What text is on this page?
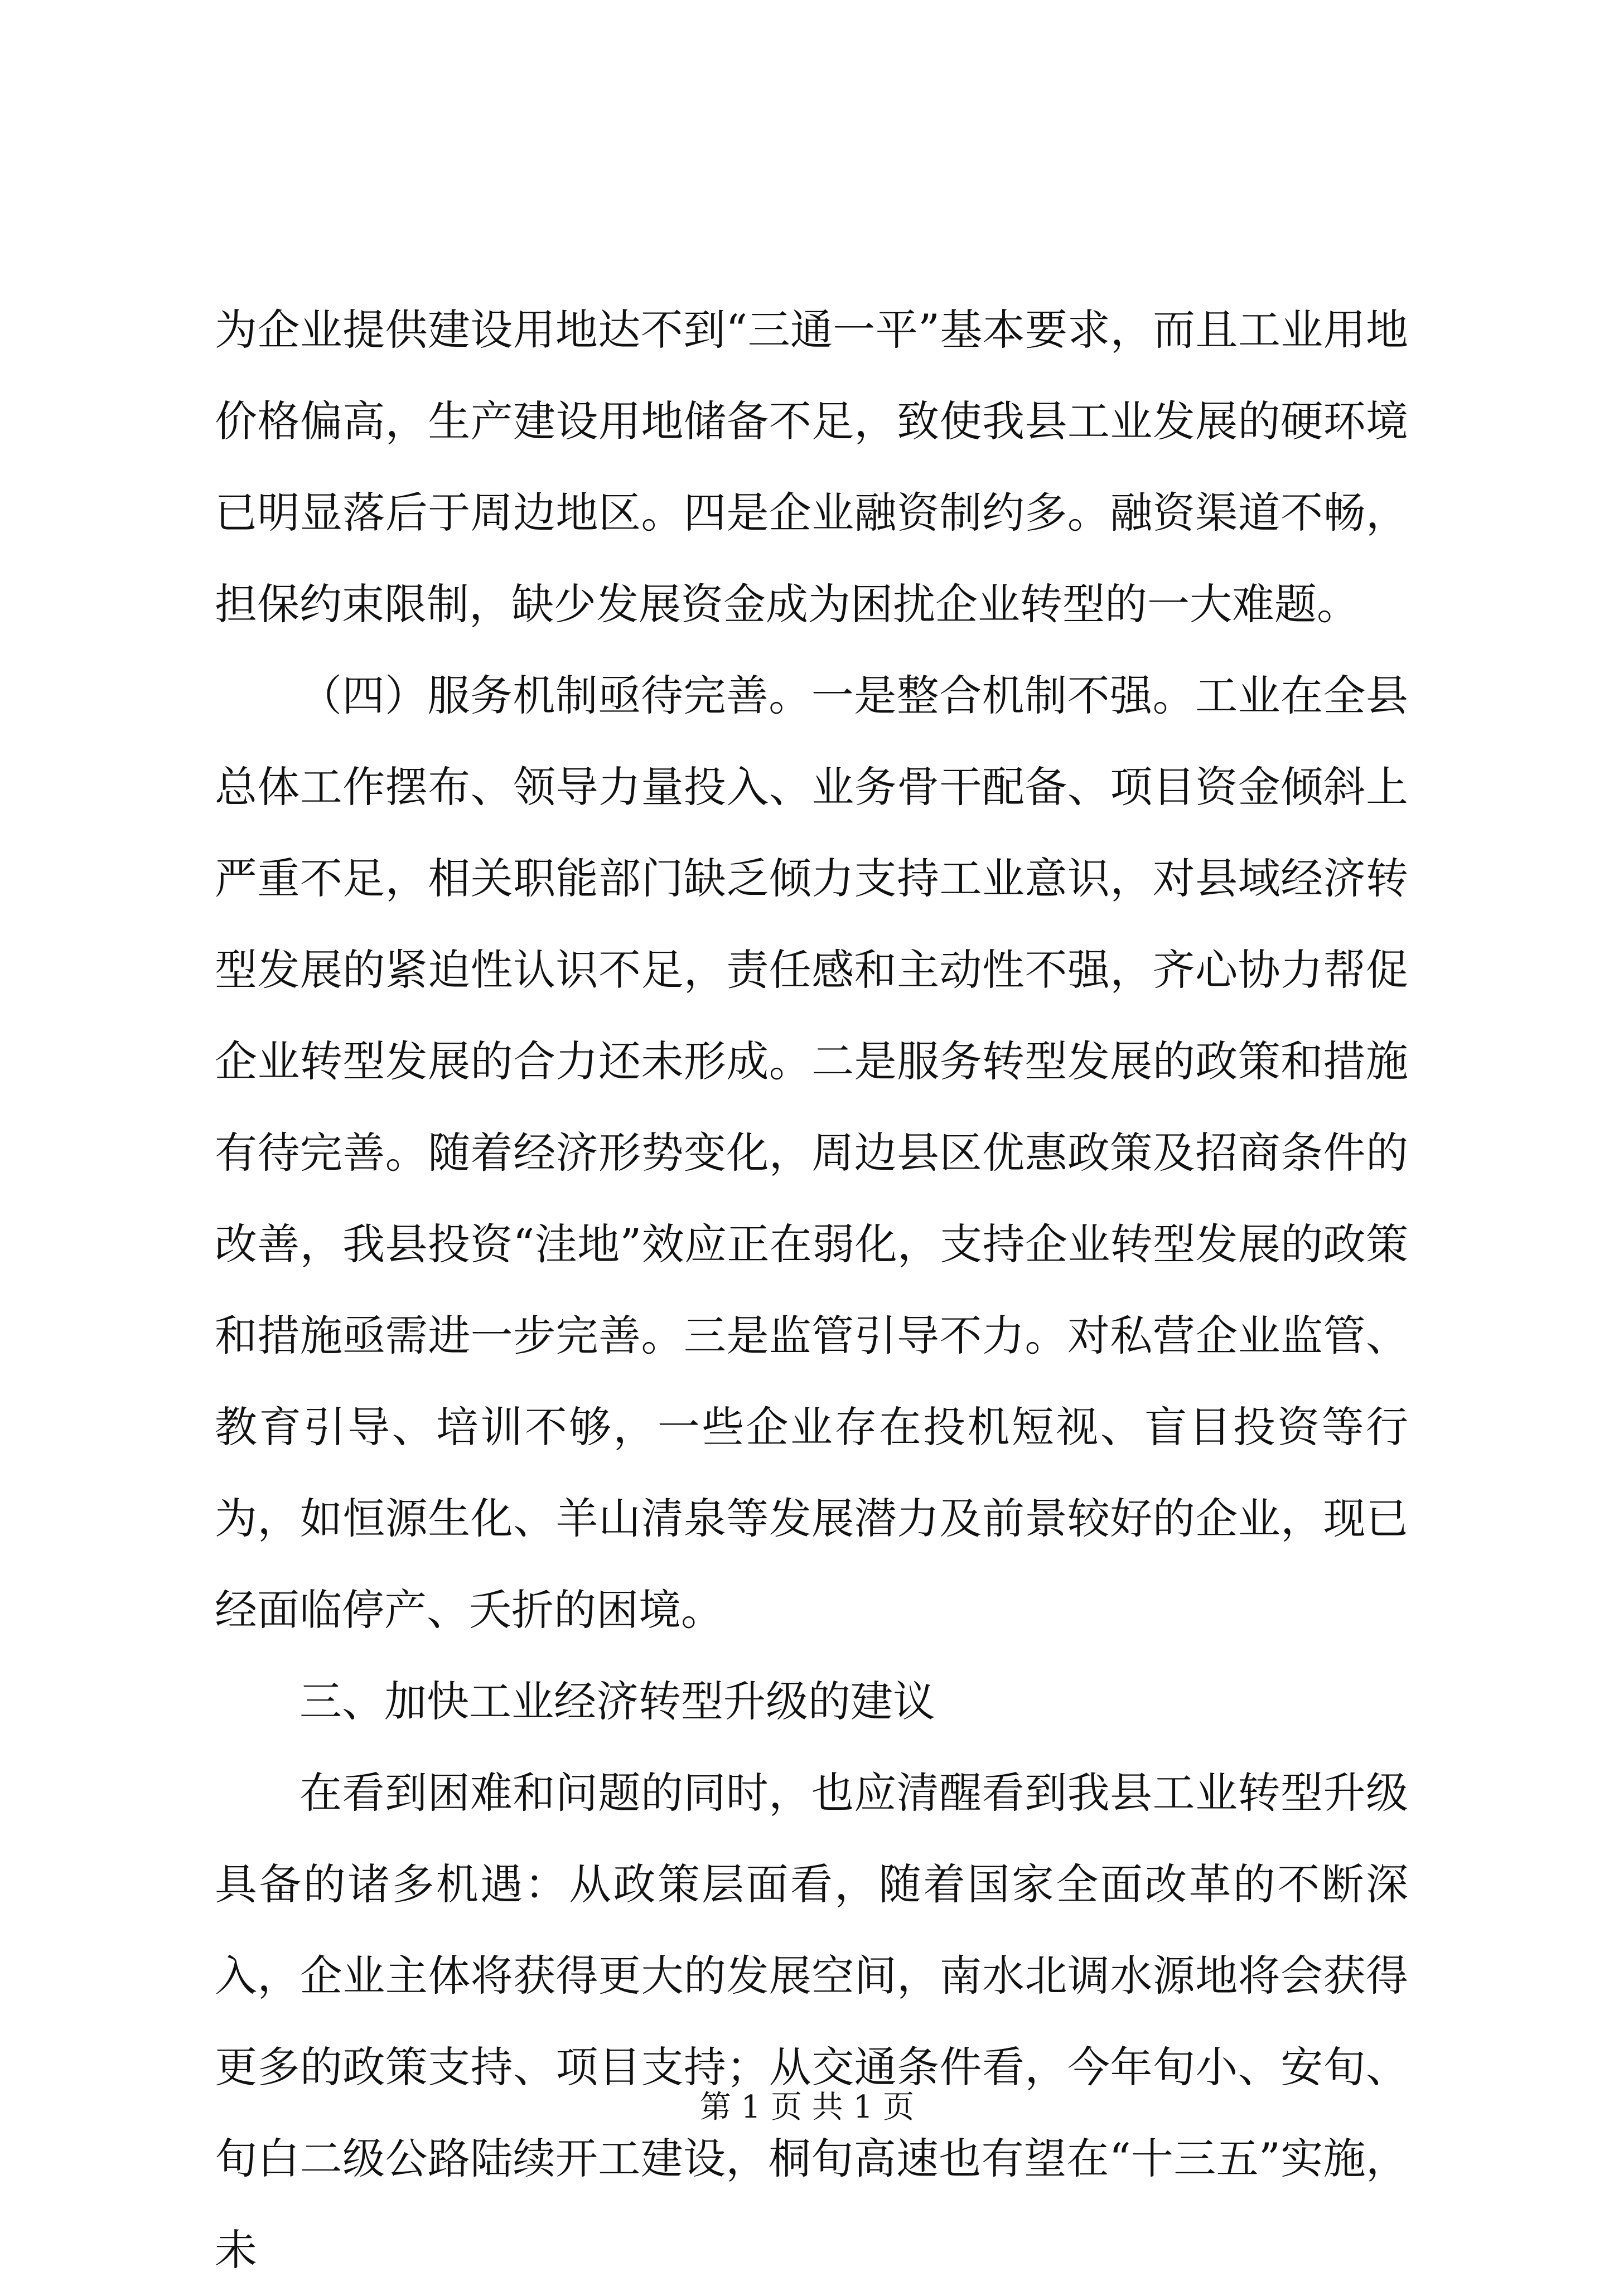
为企业提供建设用地达不到“三通一平”基本要求，而且工业用地价格偏高，生产建设用地储备不足，致使我县工业发展的硬环境已明显落后于周边地区。四是企业融资制约多。融资渠道不畅，担保约束限制，缺少发展资金成为困扰企业转型的一大难题。

（四）服务机制亟待完善。一是整合机制不强。工业在全县总体工作摆布、领导力量投入、业务骨干配备、项目资金倾斜上严重不足，相关职能部门缺乏倾力支持工业意识，对县域经济转型发展的紧迫性认识不足，责任感和主动性不强，齐心协力帮促企业转型发展的合力还未形成。二是服务转型发展的政策和措施有待完善。随着经济形势变化，周边县区优惠政策及招商条件的改善，我县投资“洼地”效应正在弱化，支持企业转型发展的政策和措施亟需进一步完善。三是监管引导不力。对私营企业监管、教育引导、培训不够，一些企业存在投机短视、盲目投资等行为，如恒源生化、羊山清泉等发展潜力及前景较好的企业，现已经面临停产、夭折的困境。

三、加快工业经济转型升级的建议

在看到困难和问题的同时，也应清醒看到我县工业转型升级具备的诸多机遇：从政策层面看，随着国家全面改革的不断深入，企业主体将获得更大的发展空间，南水北调水源地将会获得更多的政策支持、项目支持；从交通条件看，今年旬小、安旬、旬白二级公路陆续开工建设，桐旬高速也有望在“十三五”实施，未

第 1 页 共 1 页
